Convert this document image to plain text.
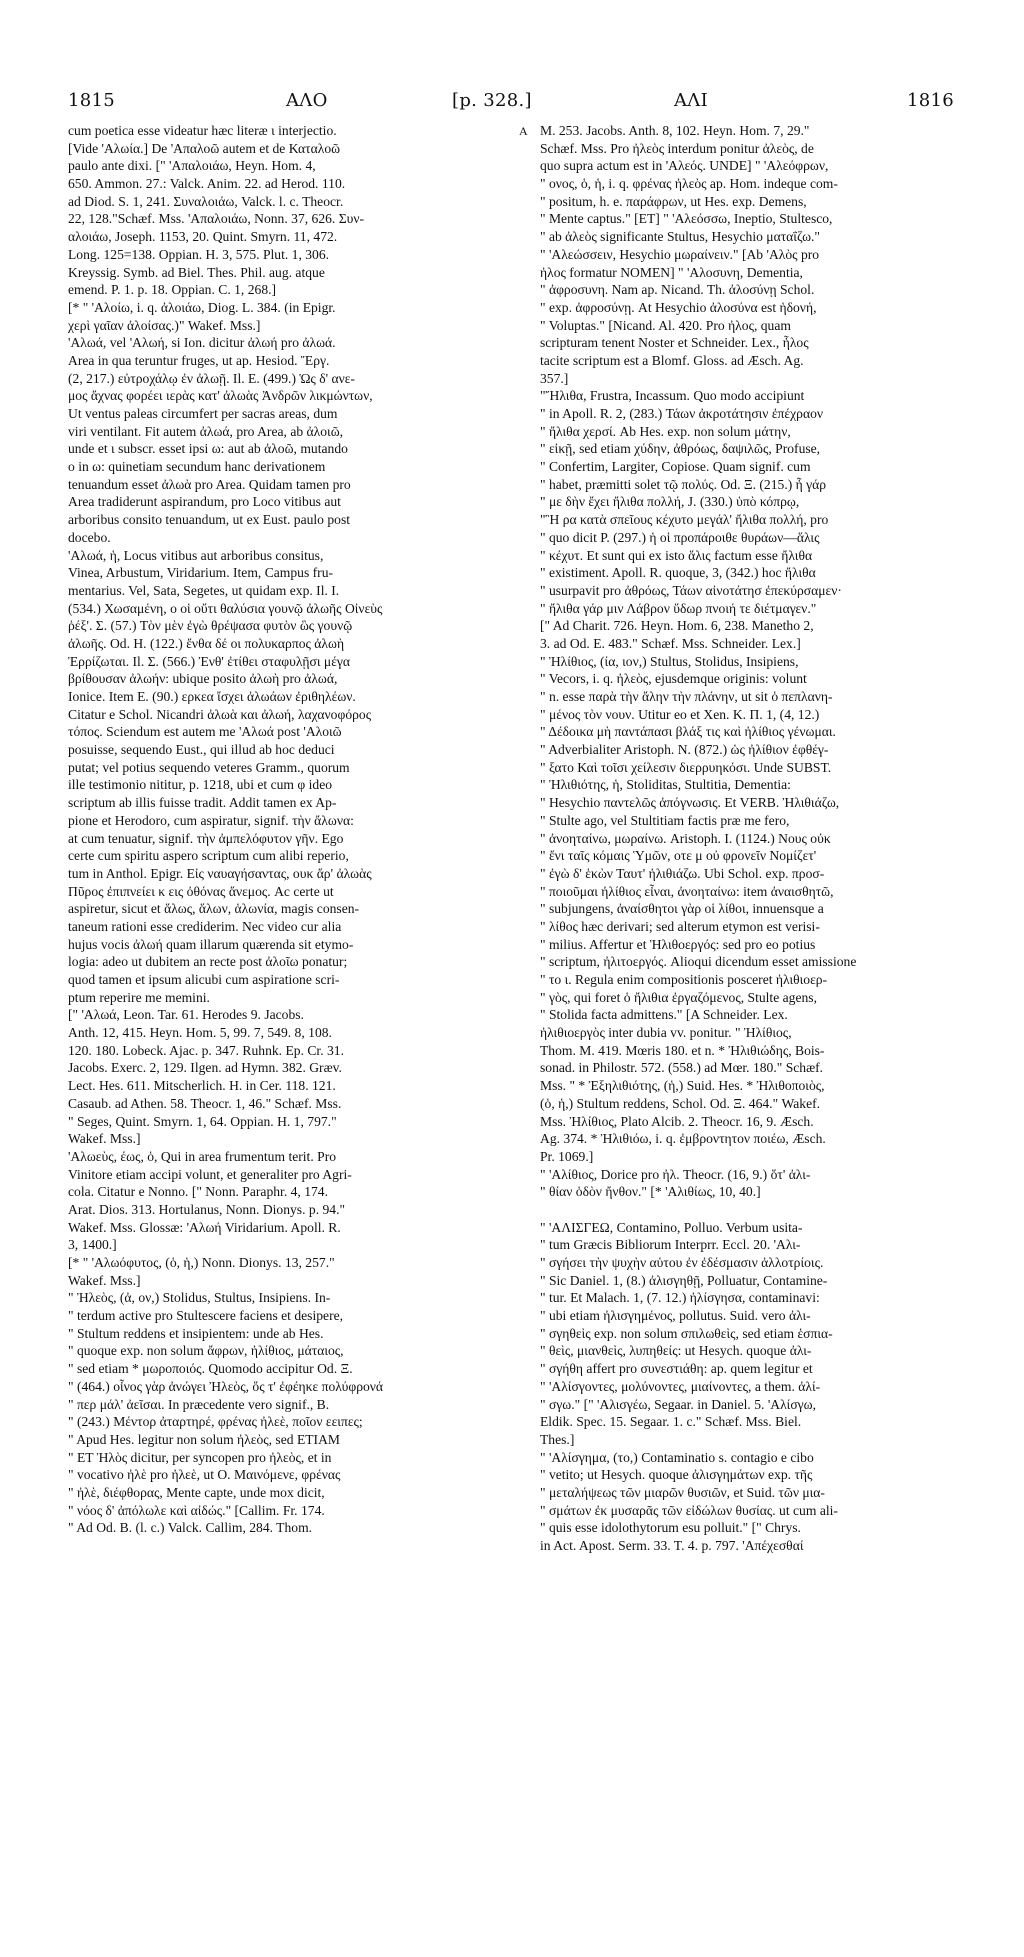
1815	ΑΛΟ	[p. 328.]	ΑΛΙ	1816
A
cum poetica esse videatur hæc literæ ι interjectio.
[Vide 'Αλωία.] De 'Απαλοῶ autem et de Καταλοῶ
paulo ante dixi. [" 'Απαλοιάω, Heyn. Hom. 4,
650. Ammon. 27.: Valck. Anim. 22. ad Herod. 110.
ad Diod. S. 1, 241. Συναλοιάω, Valck. l. c. Theocr.
22, 128."Schæf. Mss. 'Απαλοιάω, Nonn. 37, 626. Συν-
αλοιάω, Joseph. 1153, 20. Quint. Smyrn. 11, 472.
Long. 125=138. Oppian. H. 3, 575. Plut. 1, 306.
Kreyssig. Symb. ad Biel. Thes. Phil. aug. atque
emend. P. 1. p. 18. Oppian. C. 1, 268.]
[* " 'Αλοίω, i. q. ἀλοιάω, Diog. L. 384. (in Epigr.
χερὶ γαῖαν ἀλοίσας.)" Wakef. Mss.]
'Αλωά, vel 'Αλωή, si Ion. dicitur ἀλωή pro ἀλωά.
Area in qua teruntur fruges, ut ap. Hesiod. Ἔργ.
(2, 217.) εὐτροχάλῳ ἐν ἀλωῇ. Il. E. (499.) Ὡς δ' ανε-
μος ἄχνας φορέει ιερὰς κατ' ἀλωὰς Ἀνδρῶν λικμώντων,
Ut ventus paleas circumfert per sacras areas, dum
viri ventilant. Fit autem ἀλωά, pro Area, ab ἀλοιῶ,
unde et ι subscr. esset ipsi ω: aut ab ἀλοῶ, mutando
ο in ω: quinetiam secundum hanc derivationem
tenuandum esset ἀλωὰ pro Area. Quidam tamen pro
Area tradiderunt aspirandum, pro Loco vitibus aut
arboribus consito tenuandum, ut ex Eust. paulo post
docebo.
'Αλωά, ἡ, Locus vitibus aut arboribus consitus,
Vinea, Arbustum, Viridarium. Item, Campus fru-
mentarius. Vel, Sata, Segetes, ut quidam exp. Il. I.
(534.) Χωσαμένη, ο οἱ οὔτι θαλύσια γουνῷ ἀλωῆς Οἰνεὺς
ῥέξ'. Σ. (57.) Τὸν μὲν ἐγὼ θρέψασα φυτὸν ὣς γουνῷ
ἀλωῆς. Od. H. (122.) ἔνθα δέ οι πολυκαρπος ἀλωὴ
Ἐρρίζωται. Il. Σ. (566.) Ἐνθ' ἐτίθει σταφυλῇσι μέγα
βρίθουσαν ἀλωήν: ubique posito ἀλωὴ pro ἀλωά,
Ionice. Item E. (90.) ερκεα ἴσχει ἀλωάων ἐριθηλέων.
Citatur e Schol. Nicandri ἀλωὰ και ἀλωή, λαχανοφόρος
τόπος. Sciendum est autem me 'Αλωά post 'Αλοιῶ
posuisse, sequendo Eust., qui illud ab hoc deduci
putat; vel potius sequendo veteres Gramm., quorum
ille testimonio nititur, p. 1218, ubi et cum φ ideo
scriptum ab illis fuisse tradit. Addit tamen ex Ap-
pione et Herodoro, cum aspiratur, signif. τὴν ἄλωνα:
at cum tenuatur, signif. τὴν ἀμπελόφυτον γῆν. Ego
certe cum spiritu aspero scriptum cum alibi reperio,
tum in Anthol. Epigr. Εἰς ναυαγήσαντας, ουκ ἄρ' ἀλωὰς
Πῦρος ἐπιπνείει κ εις ὀθόνας ἄνεμος. Ac certe ut
aspiretur, sicut et ἅλως, ἅλων, ἁλωνία, magis consen-
taneum rationi esse crediderim. Nec video cur alia
hujus vocis ἀλωή quam illarum quærenda sit etymo-
logia: adeo ut dubitem an recte post ἀλοῖω ponatur;
quod tamen et ipsum alicubi cum aspiratione scri-
ptum reperire me memini.
[" 'Αλωά, Leon. Tar. 61. Herodes 9. Jacobs.
Anth. 12, 415. Heyn. Hom. 5, 99. 7, 549. 8, 108.
120. 180. Lobeck. Ajac. p. 347. Ruhnk. Ep. Cr. 31.
Jacobs. Exerc. 2, 129. Ilgen. ad Hymn. 382. Græv.
Lect. Hes. 611. Mitscherlich. H. in Cer. 118. 121.
Casaub. ad Athen. 58. Theocr. 1, 46." Schæf. Mss.
" Seges, Quint. Smyrn. 1, 64. Oppian. H. 1, 797."
Wakef. Mss.]
'Αλωεὺς, έως, ὁ, Qui in area frumentum terit. Pro
Vinitore etiam accipi volunt, et generaliter pro Agri-
cola. Citatur e Nonno. [" Nonn. Paraphr. 4, 174.
Arat. Dios. 313. Hortulanus, Nonn. Dionys. p. 94."
Wakef. Mss. Glossæ: 'Αλωή Viridarium. Apoll. R.
3, 1400.]
[* " 'Αλωόφυτος, (ὁ, ἡ,) Nonn. Dionys. 13, 257."
Wakef. Mss.]
" Ἠλεὸς, (ἀ, ον,) Stolidus, Stultus, Insipiens. In-
" terdum active pro Stultescere faciens et desipere,
" Stultum reddens et insipientem: unde ab Hes.
" quoque exp. non solum ἄφρων, ἠλίθιος, μάταιος,
" sed etiam * μωροποιός. Quomodo accipitur Od. Ξ.
" (464.) οἶνος γὰρ ἀνώγει Ἠλεὸς, ὅς τ' ἐφέηκε πολύφρονά
" περ μάλ' ἀεῖσαι. In præcedente vero signif., B.
" (243.) Μέντορ ἀταρτηρέ, φρένας ἠλεὲ, ποῖον εειπες;
" Apud Hes. legitur non solum ἠλεὸς, sed ΕΤΙΑΜ
" ΕΤ Ἠλὸς dicitur, per syncopen pro ἠλεὸς, et in
" vocativo ἠλὲ pro ἠλεὲ, ut O. Μαινόμενε, φρένας
" ἠλὲ, διέφθορας, Mente capte, unde mox dicit,
" νόος δ' ἀπόλωλε καὶ αἰδώς." [Callim. Fr. 174.
" Ad Od. B. (l. c.) Valck. Callim, 284. Thom.
M. 253. Jacobs. Anth. 8, 102. Heyn. Hom. 7, 29."
Schæf. Mss. Pro ἠλεὸς interdum ponitur ἀλεὸς, de
quo supra actum est in 'Αλεός. UNDE] " 'Αλεόφρων,
" ονος, ὁ, ἡ, i. q. φρένας ἠλεὸς ap. Hom. indeque com-
" positum, h. e. παράφρων, ut Hes. exp. Demens,
" Mente captus." [ET] " 'Αλεόσσω, Ineptio, Stultesco,
" ab ἀλεὸς significante Stultus, Hesychio ματαΐζω."
" 'Αλεώσσειν, Hesychio μωραίνειν." [Ab 'Αλὸς pro
ἠλος formatur NOMEN] " 'Αλοσυνη, Dementia,
" ἀφροσυνη. Nam ap. Nicand. Th. ἀλοσύνῃ Schol.
" exp. ἀφροσύνῃ. At Hesychio ἀλοσύνα est ἡδονή,
" Voluptas." [Nicand. Al. 420. Pro ἠλος, quam
scripturam tenent Noster et Schneider. Lex., ἦλος
tacite scriptum est a Blomf. Gloss. ad Æsch. Ag.
357.]
"Ἤλιθα, Frustra, Incassum. Quo modo accipiunt
" in Apoll. R. 2, (283.) Τάων ἀκροτάτησιν ἐπέχραον
" ἤλιθα χερσί. Ab Hes. exp. non solum μάτην,
" εἰκῇ, sed etiam χύδην, ἀθρόως, δαψιλῶς, Profuse,
" Confertim, Largiter, Copiose. Quam signif. cum
" habet, præmitti solet τῷ πολύς. Od. Ξ. (215.) ἦ γάρ
" με δὴν ἔχει ἤλιθα πολλή, J. (330.) ὑπὸ κόπρῳ,
"Ἣ ρα κατὰ σπεῖους κέχυτο μεγάλ' ἤλιθα πολλή, pro
" quo dicit P. (297.) ἡ οἱ προπάροιθε θυράων—ἅλις
" κέχυτ. Et sunt qui ex isto ἅλις factum esse ἤλιθα
" existiment. Apoll. R. quoque, 3, (342.) hoc ἤλιθα
" usurpavit pro ἀθρόως, Τάων αἰνοτάτησ ἐπεκύρσαμεν·
" ἤλιθα γάρ μιν Λάβρον ὕδωρ πνοιή τε διέτμαγεν."
[" Ad Charit. 726. Heyn. Hom. 6, 238. Manetho 2,
3. ad Od. E. 483." Schæf. Mss. Schneider. Lex.]
" Ἠλίθιος, (ία, ιον,) Stultus, Stolidus, Insipiens,
" Vecors, i. q. ἠλεὸς, ejusdemque originis: volunt
" n. esse παρὰ τὴν ἄλην τὴν πλάνην, ut sit ὁ πεπλανη-
" μένος τὸν νουν. Utitur eo et Xen. K. Π. 1, (4, 12.)
" Δέδοικα μὴ παντάπασι βλάξ τις καὶ ἠλίθιος γένωμαι.
" Adverbialiter Aristoph. N. (872.) ὡς ἠλίθιον ἐφθέγ-
" ξατο Καὶ τοῖσι χείλεσιν διερρυηκόσι. Unde SUBST.
" Ἠλιθιότης, ἡ, Stoliditas, Stultitia, Dementia:
" Hesychio παντελῶς ἀπόγνωσις. Et VERB. Ἠλιθιάζω,
" Stulte ago, vel Stultitiam factis præ me fero,
" ἀνοηταίνω, μωραίνω. Aristoph. I. (1124.) Νους οὐκ
" ἔνι ταῖς κόμαις Ὑμῶν, οτε μ οὐ φρονεῖν Νομίζετ'
" ἐγὼ δ' ἑκὼν Ταυτ' ἠλιθιάζω. Ubi Schol. exp. προσ-
" ποιοῦμαι ἠλίθιος εἶναι, ἀνοηταίνω: item ἀναισθητῶ,
" subjungens, ἀναίσθητοι γὰρ οἱ λίθοι, innuensque a
" λίθος hæc derivari; sed alterum etymon est verisi-
" milius. Affertur et Ἠλιθοεργός: sed pro eo potius
" scriptum, ἠλιτοεργός. Alioqui dicendum esset amissione
" το ι. Regula enim compositionis posceret ἠλιθιοερ-
" γὸς, qui foret ὁ ἤλιθια ἐργαζόμενος, Stulte agens,
" Stolida facta admittens." [A Schneider. Lex.
ἠλιθιοεργὸς inter dubia vv. ponitur. " Ἠλίθιος,
Thom. M. 419. Mœris 180. et n. * Ἠλιθιώδης, Bois-
sonad. in Philostr. 572. (558.) ad Mœr. 180." Schæf.
Mss. " * Ἐξηλιθιότης, (ἡ,) Suid. Hes. * Ἠλιθοποιὸς,
(ὁ, ἡ,) Stultum reddens, Schol. Od. Ξ. 464." Wakef.
Mss. Ἠλίθιος, Plato Alcib. 2. Theocr. 16, 9. Æsch.
Ag. 374. * Ἠλιθιόω, i. q. ἐμβροντητον ποιέω, Æsch.
Pr. 1069.]
" 'Αλίθιος, Dorice pro ἠλ. Theocr. (16, 9.) ὅτ' ἀλι-
" θίαν ὁδὸν ἤνθον." [* 'Αλιθίως, 10, 40.]
" 'ΑΛΙΣΓΕΩ, Contamino, Polluo. Verbum usita-
" tum Græcis Bibliorum Interprr. Eccl. 20. 'Αλι-
" σγήσει τὴν ψυχὴν αὑτου ἐν ἐδέσμασιν ἀλλοτρίοις.
" Sic Daniel. 1, (8.) ἀλισγηθῇ, Polluatur, Contamine-
" tur. Et Malach. 1, (7. 12.) ἠλίσγησα, contaminavi:
" ubi etiam ἠλισγημένος, pollutus. Suid. vero ἀλι-
" σγηθεὶς exp. non solum σπιλωθεὶς, sed etiam ἑσπια-
" θεὶς, μιανθεὶς, λυπηθείς: ut Hesych. quoque ἀλι-
" σγήθη affert pro συνεστιάθη: ap. quem legitur et
" 'Αλίσγοντες, μολύνοντες, μιαίνοντες, a them. ἀλί-
" σγω." [" 'Αλισγέω, Segaar. in Daniel. 5. 'Αλίσγω,
Eldik. Spec. 15. Segaar. 1. c." Schæf. Mss. Biel.
Thes.]
" 'Αλίσγημα, (το,) Contaminatio s. contagio e cibo
" vetito; ut Hesych. quoque ἀλισγημάτων exp. τῆς
" μεταλήψεως τῶν μιαρῶν θυσιῶν, et Suid. τῶν μια-
" σμάτων ἐκ μυσαρᾶς τῶν εἰδώλων θυσίας. ut cum ali-
" quis esse idolothytorum esu polluit." [" Chrys.
in Act. Apost. Serm. 33. T. 4. p. 797. 'Απέχεσθαί
